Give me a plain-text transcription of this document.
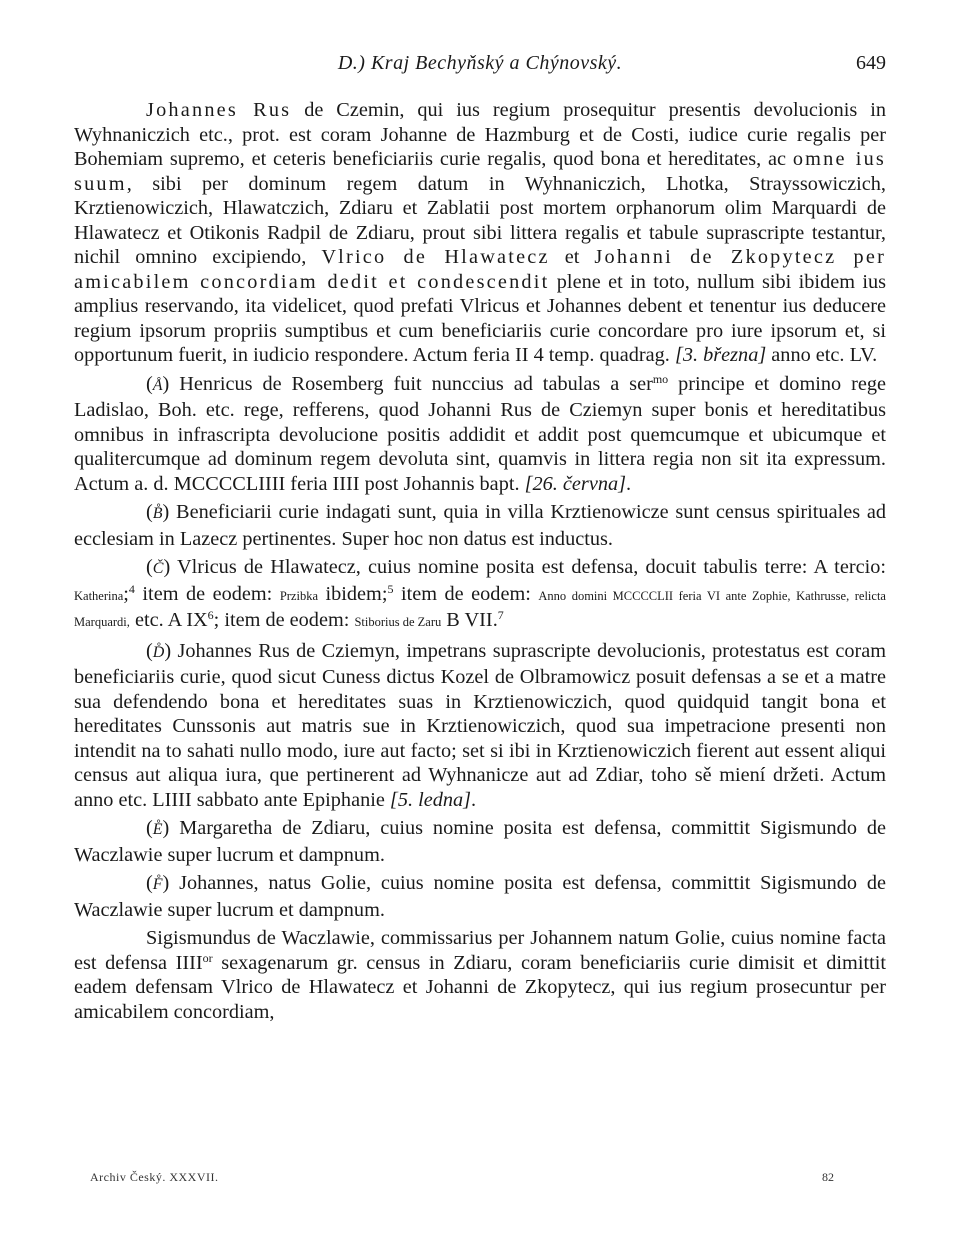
D.) Kraj Bechyňský a Chýnovský.	649

Johannes Rus de Czemin, qui ius regium prosequitur presentis devolucionis in Wyhnaniczich etc., prot. est coram Johanne de Hazmburg et de Costi, iudice curie regalis per Bohemiam supremo, et ceteris beneficiariis curie regalis, quod bona et hereditates, ac omne ius suum, sibi per dominum regem datum in Wyhnaniczich, Lhotka, Strayssowiczich, Krztienowiczich, Hlawatczich, Zdiaru et Zablatii post mortem orphanorum olim Marquardi de Hlawatecz et Otikonis Radpil de Zdiaru, prout sibi littera regalis et tabule suprascripte testantur, nichil omnino excipiendo, Vlrico de Hlawatecz et Johanni de Zkopytecz per amicabilem concordiam dedit et condescendit plene et in toto, nullum sibi ibidem ius amplius reservando, ita videlicet, quod prefati Vlricus et Johannes debent et tenentur ius deducere regium ipsorum propriis sumptibus et cum beneficiariis curie concordare pro iure ipsorum et, si opportunum fuerit, in iudicio respondere. Actum feria II 4 temp. quadrag. [3. března] anno etc. LV.

(Å) Henricus de Rosemberg fuit nunccius ad tabulas a ser$^{mo}$ principe et domino rege Ladislao, Boh. etc. rege, refferens, quod Johanni Rus de Cziemyn super bonis et hereditatibus omnibus in infrascripta devolucione positis addidit et addit post quemcumque et ubicumque et qualitercumque ad dominum regem devoluta sint, quamvis in littera regia non sit ita expressum. Actum a. d. MCCCCLIIII feria IIII post Johannis bapt. [26. června].

(B̊) Beneficiarii curie indagati sunt, quia in villa Krztienowicze sunt census spirituales ad ecclesiam in Lazecz pertinentes. Super hoc non datus est inductus.

(Č) Vlricus de Hlawatecz, cuius nomine posita est defensa, docuit tabulis terre: A tercio: Katherina;$^4$ item de eodem: Przibka ibidem;$^5$ item de eodem: Anno domini MCCCCLII feria VI ante Zophie, Kathrusse, relicta Marquardi, etc. A $IX^6$; item de eodem: Stiborius de Zaru B VII.$^7$

(D̊) Johannes Rus de Cziemyn, impetrans suprascripte devolucionis, protestatus est coram beneficiariis curie, quod sicut Cuness dictus Kozel de Olbramowicz posuit defensas a se et a matre sua defendendo bona et hereditates suas in Krztienowiczich, quod quidquid tangit bona et hereditates Cunssonis aut matris sue in Krztienowiczich, quod sua impetracione presenti non intendit na to sahati nullo modo, iure aut facto; set si ibi in Krztienowiczich fierent aut essent aliqui census aut aliqua iura, que pertinerent ad Wyhnanicze aut ad Zdiar, toho sě miení držeti. Actum anno etc. LIIII sabbato ante Epiphanie [5. ledna].

(E̊) Margaretha de Zdiaru, cuius nomine posita est defensa, committit Sigismundo de Waczlawie super lucrum et dampnum.

(F̊) Johannes, natus Golie, cuius nomine posita est defensa, committit Sigismundo de Waczlawie super lucrum et dampnum.

Sigismundus de Waczlawie, commissarius per Johannem natum Golie, cuius nomine facta est defensa $IIII^{or}$ sexagenarum gr. census in Zdiaru, coram beneficiariis curie dimisit et dimittit eadem defensam Vlrico de Hlawatecz et Johanni de Zkopytecz, qui ius regium prosecuntur per amicabilem concordiam,

Archiv Český. XXXVII.	82
